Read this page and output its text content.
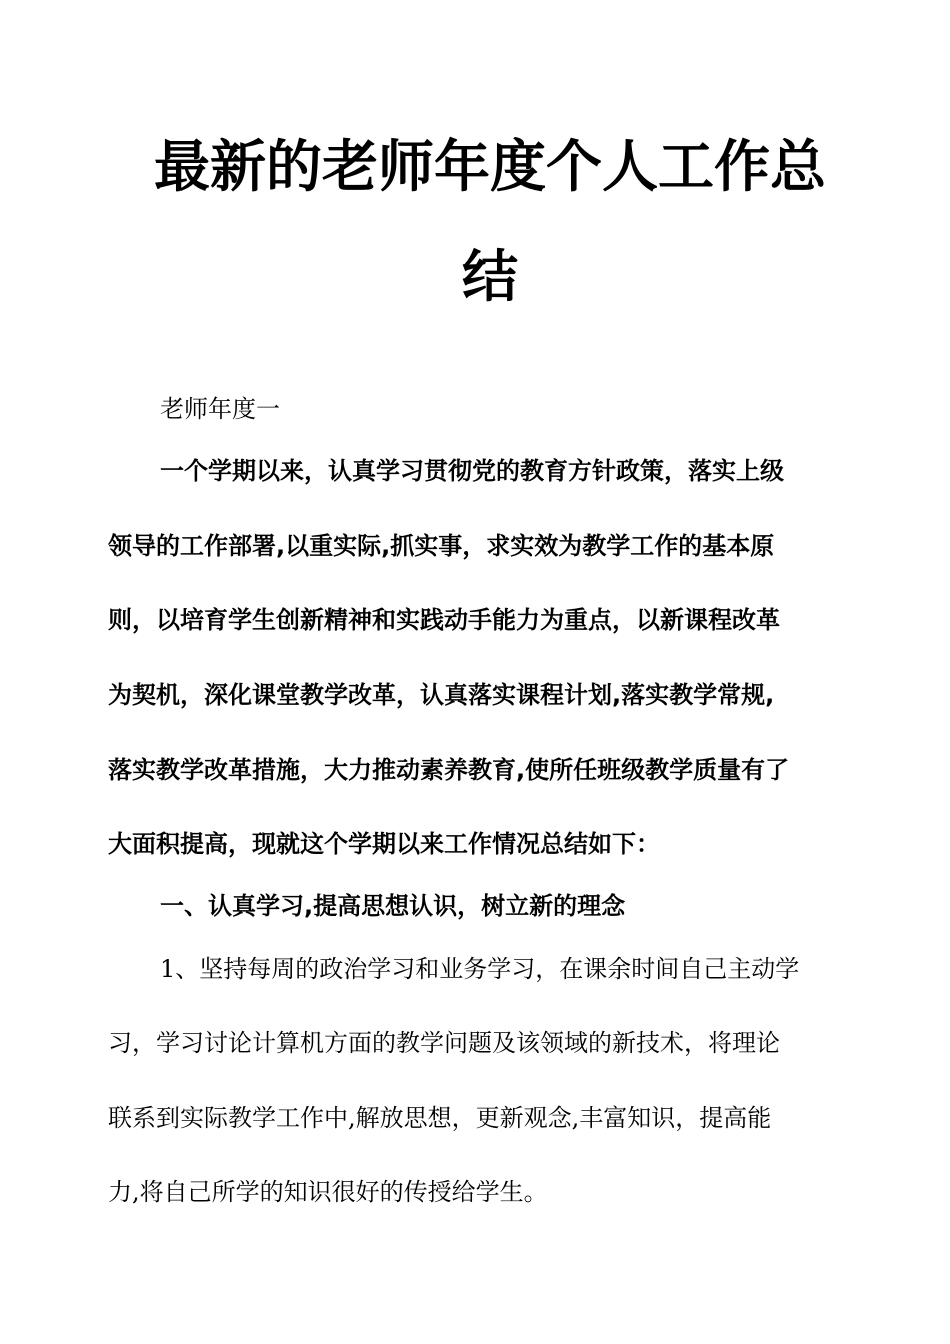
最新的老师年度个人工作总
结
老师年度一
一个学期以来，认真学习贯彻党的教育方针政策，落实上级
领导的工作部署,以重实际,抓实事，求实效为教学工作的基本原
则，以培育学生创新精神和实践动手能力为重点，以新课程改革
为契机，深化课堂教学改革，认真落实课程计划,落实教学常规,
落实教学改革措施，大力推动素养教育,使所任班级教学质量有了
大面积提高，现就这个学期以来工作情况总结如下：
一、认真学习,提高思想认识，树立新的理念
1、坚持每周的政治学习和业务学习，在课余时间自己主动学
习，学习讨论计算机方面的教学问题及该领域的新技术，将理论
联系到实际教学工作中,解放思想，更新观念,丰富知识，提高能
力,将自己所学的知识很好的传授给学生。
